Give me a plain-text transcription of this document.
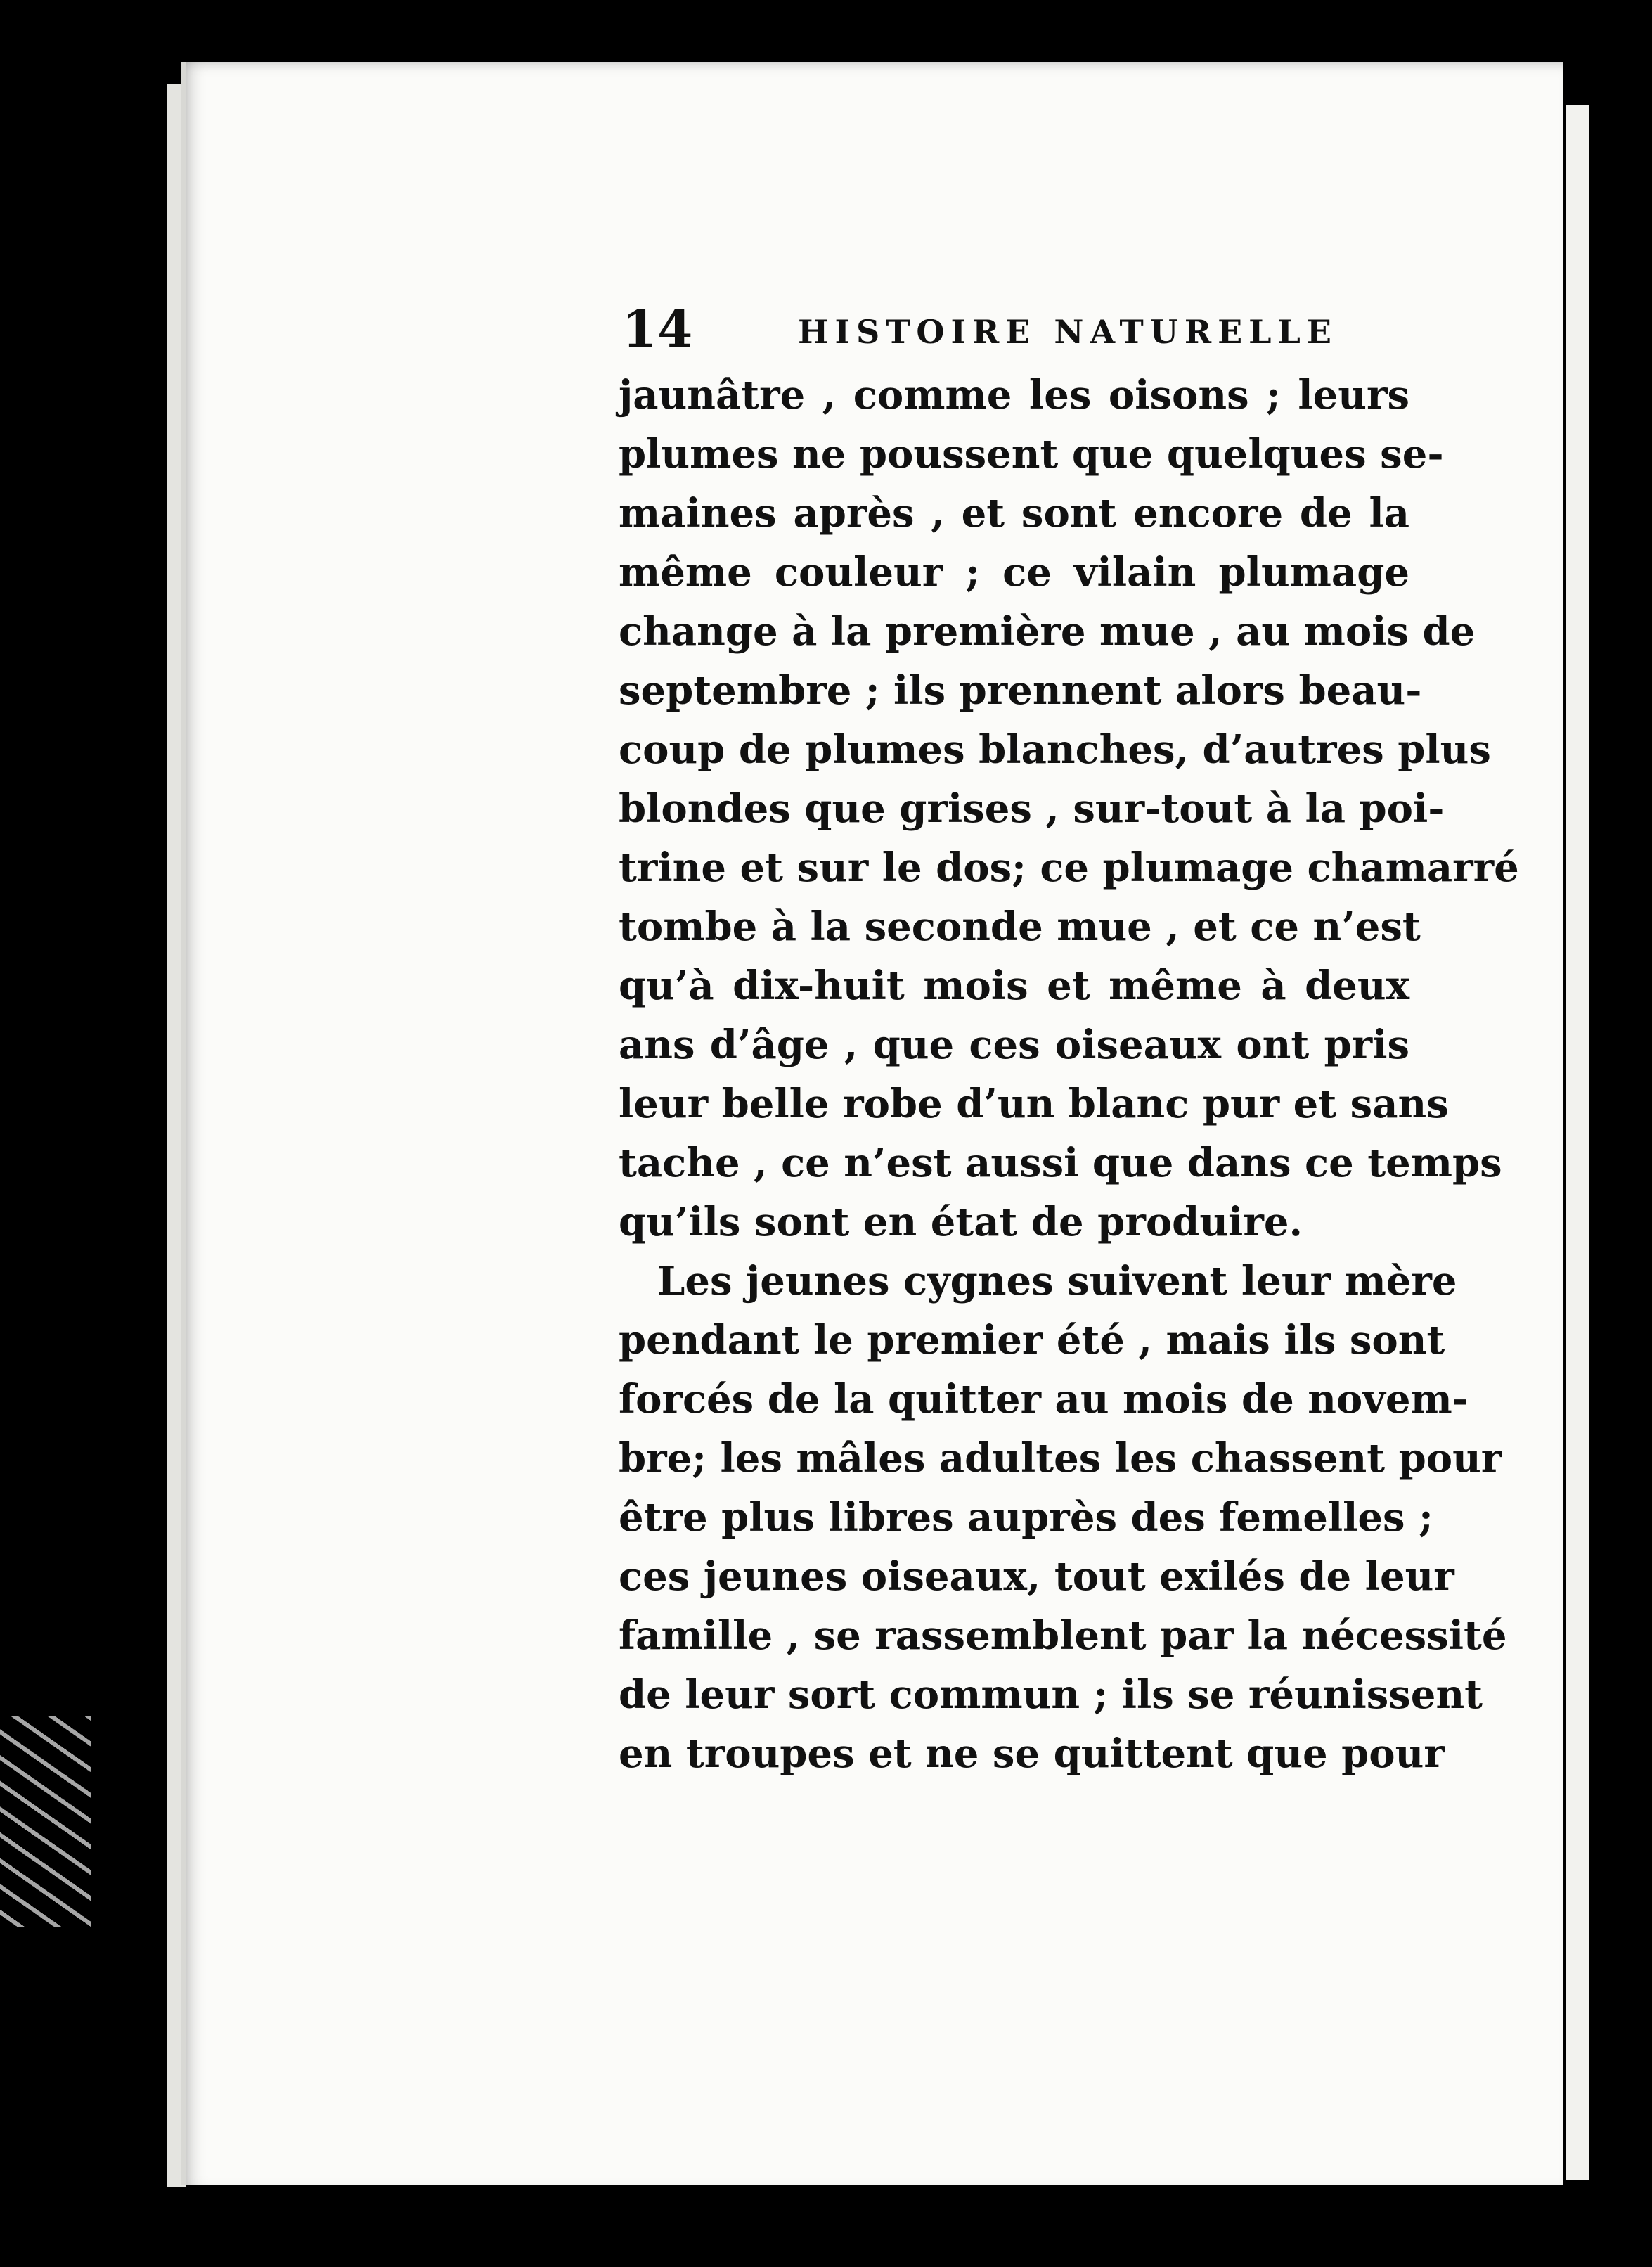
14	HISTOIRE NATURELLE
jaunâtre , comme les oisons ; leurs
plumes ne poussent que quelques se-
maines après , et sont encore de la
même couleur ; ce vilain plumage
change à la première mue , au mois de
septembre ; ils prennent alors beau-
coup de plumes blanches, d’autres plus
blondes que grises , sur-tout à la poi-
trine et sur le dos; ce plumage chamarré
tombe à la seconde mue , et ce n’est
qu’à dix-huit mois et même à deux
ans d’âge , que ces oiseaux ont pris
leur belle robe d’un blanc pur et sans
tache , ce n’est aussi que dans ce temps
qu’ils sont en état de produire.
Les jeunes cygnes suivent leur mère
pendant le premier été , mais ils sont
forcés de la quitter au mois de novem-
bre; les mâles adultes les chassent pour
être plus libres auprès des femelles ;
ces jeunes oiseaux, tout exilés de leur
famille , se rassemblent par la nécessité
de leur sort commun ; ils se réunissent
en troupes et ne se quittent que pour
